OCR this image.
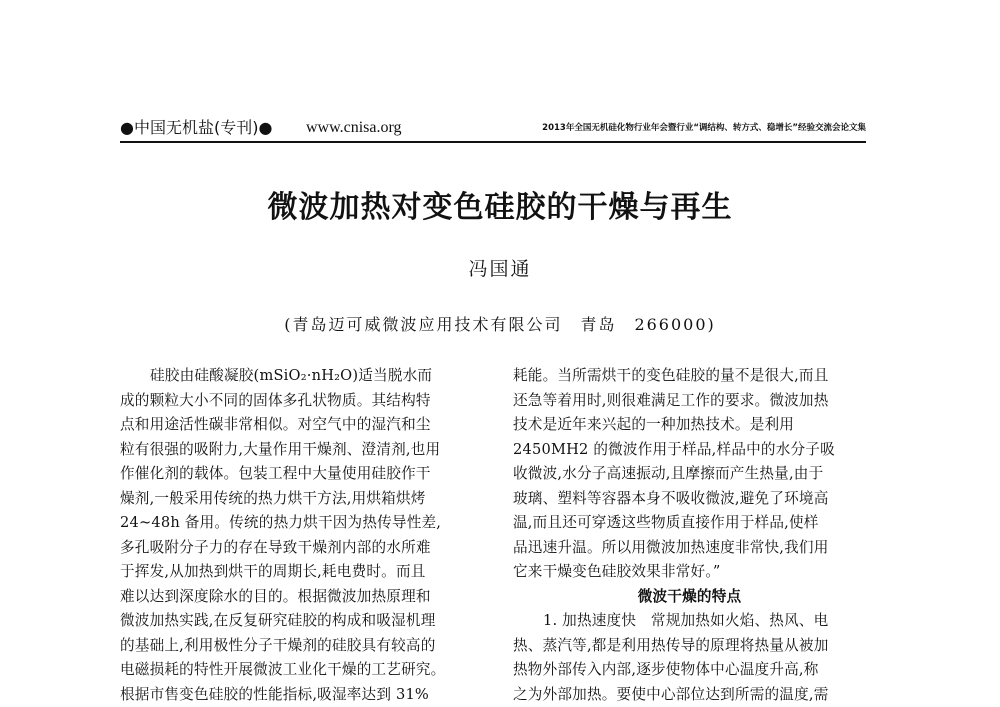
●中国无机盐(专刊)● www.cnisa.org	2013年全国无机硅化物行业年会暨行业“调结构、转方式、稳增长”经验交流会论文集
微波加热对变色硅胶的干燥与再生
冯国通
(青岛迈可威微波应用技术有限公司　青岛　266000)
硅胶由硅酸凝胶(mSiO₂·nH₂O)适当脱水而
成的颗粒大小不同的固体多孔状物质。其结构特
点和用途活性碳非常相似。对空气中的湿汽和尘
粒有很强的吸附力,大量作用干燥剂、澄清剂,也用
作催化剂的载体。包装工程中大量使用硅胶作干
燥剂,一般采用传统的热力烘干方法,用烘箱烘烤
24~48h 备用。传统的热力烘干因为热传导性差,
多孔吸附分子力的存在导致干燥剂内部的水所难
于挥发,从加热到烘干的周期长,耗电费时。而且
难以达到深度除水的目的。根据微波加热原理和
微波加热实践,在反复研究硅胶的构成和吸湿机理
的基础上,利用极性分子干燥剂的硅胶具有较高的
电磁损耗的特性开展微波工业化干燥的工艺研究。
根据市售变色硅胶的性能指标,吸湿率达到 31%
耗能。当所需烘干的变色硅胶的量不是很大,而且
还急等着用时,则很难满足工作的要求。微波加热
技术是近年来兴起的一种加热技术。是利用
2450MH2 的微波作用于样品,样品中的水分子吸
收微波,水分子高速振动,且摩擦而产生热量,由于
玻璃、塑料等容器本身不吸收微波,避免了环境高
温,而且还可穿透这些物质直接作用于样品,使样
品迅速升温。所以用微波加热速度非常快,我们用
它来干燥变色硅胶效果非常好。”
微波干燥的特点
1. 加热速度快　常规加热如火焰、热风、电
热、蒸汽等,都是利用热传导的原理将热量从被加
热物外部传入内部,逐步使物体中心温度升高,称
之为外部加热。要使中心部位达到所需的温度,需
